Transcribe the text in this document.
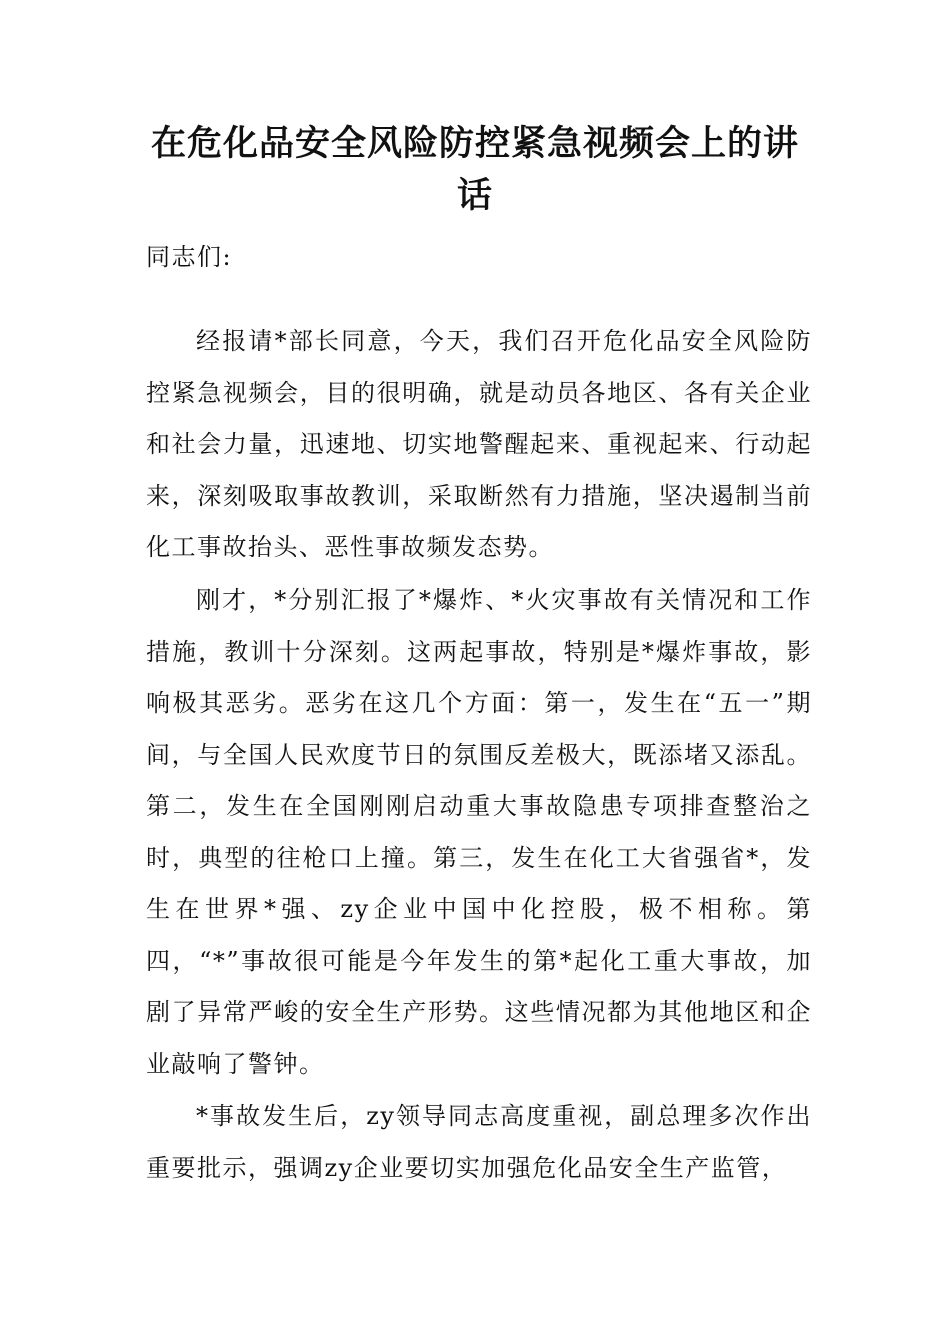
在危化品安全风险防控紧急视频会上的讲话

同志们:

经报请*部长同意，今天，我们召开危化品安全风险防控紧急视频会，目的很明确，就是动员各地区、各有关企业和社会力量，迅速地、切实地警醒起来、重视起来、行动起来，深刻吸取事故教训，采取断然有力措施，坚决遏制当前化工事故抬头、恶性事故频发态势。

刚才，*分别汇报了*爆炸、*火灾事故有关情况和工作措施，教训十分深刻。这两起事故，特别是*爆炸事故，影响极其恶劣。恶劣在这几个方面：第一，发生在“五一”期间，与全国人民欢度节日的氛围反差极大，既添堵又添乱。第二，发生在全国刚刚启动重大事故隐患专项排查整治之时，典型的往枪口上撞。第三，发生在化工大省强省*，发生在世界*强、zy企业中国中化控股，极不相称。第四，“*”事故很可能是今年发生的第*起化工重大事故，加剧了异常严峻的安全生产形势。这些情况都为其他地区和企业敲响了警钟。

*事故发生后，zy领导同志高度重视，副总理多次作出重要批示，强调zy企业要切实加强危化品安全生产监管，
